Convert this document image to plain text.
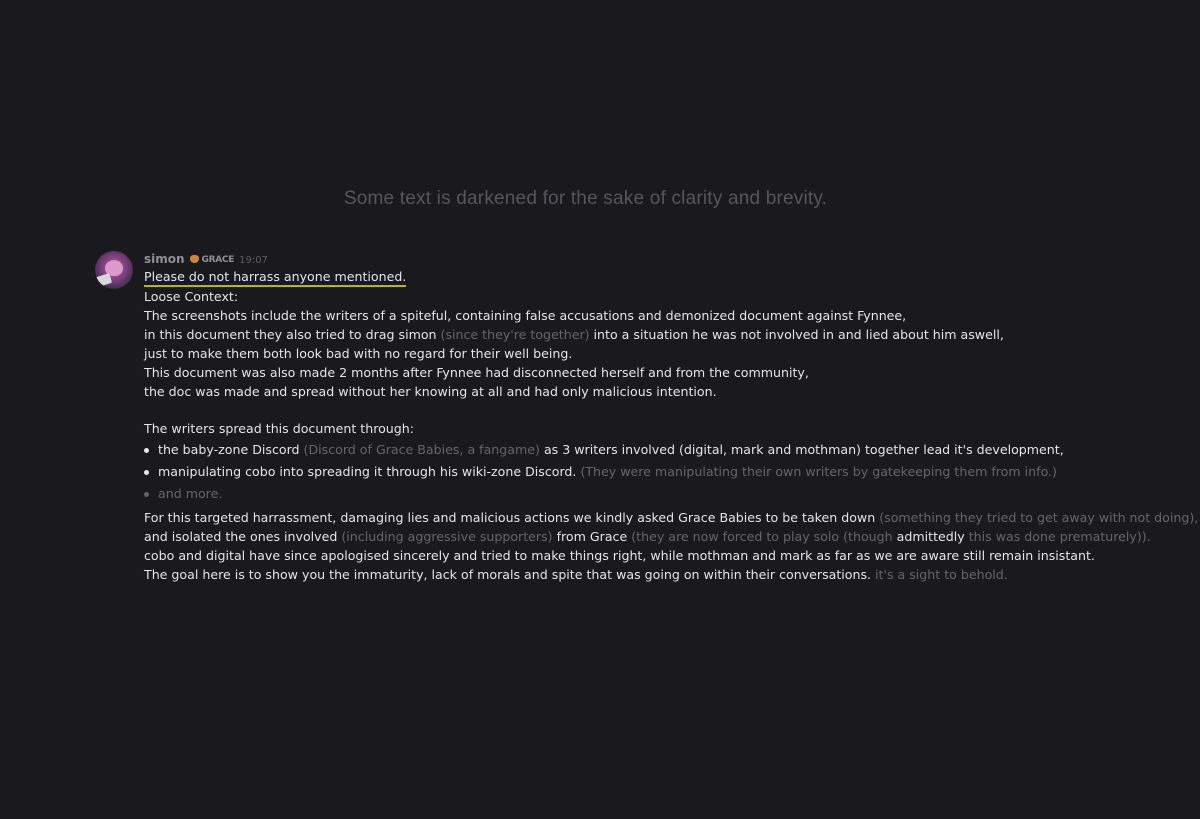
Some text is darkened for the sake of clarity and brevity.
simon GRACE 19:07
Please do not harrass anyone mentioned.
Loose Context:
The screenshots include the writers of a spiteful, containing false accusations and demonized document against Fynnee,
in this document they also tried to drag simon (since they're together) into a situation he was not involved in and lied about him aswell,
just to make them both look bad with no regard for their well being.
This document was also made 2 months after Fynnee had disconnected herself and from the community,
the doc was made and spread without her knowing at all and had only malicious intention.
The writers spread this document through:
the baby-zone Discord (Discord of Grace Babies, a fangame) as 3 writers involved (digital, mark and mothman) together lead it's development,
manipulating cobo into spreading it through his wiki-zone Discord. (They were manipulating their own writers by gatekeeping them from info.)
and more.
For this targeted harrassment, damaging lies and malicious actions we kindly asked Grace Babies to be taken down (something they tried to get away with not doing),
and isolated the ones involved (including aggressive supporters) from Grace (they are now forced to play solo (though admittedly this was done prematurely)).
cobo and digital have since apologised sincerely and tried to make things right, while mothman and mark as far as we are aware still remain insistant.
The goal here is to show you the immaturity, lack of morals and spite that was going on within their conversations. it's a sight to behold.
